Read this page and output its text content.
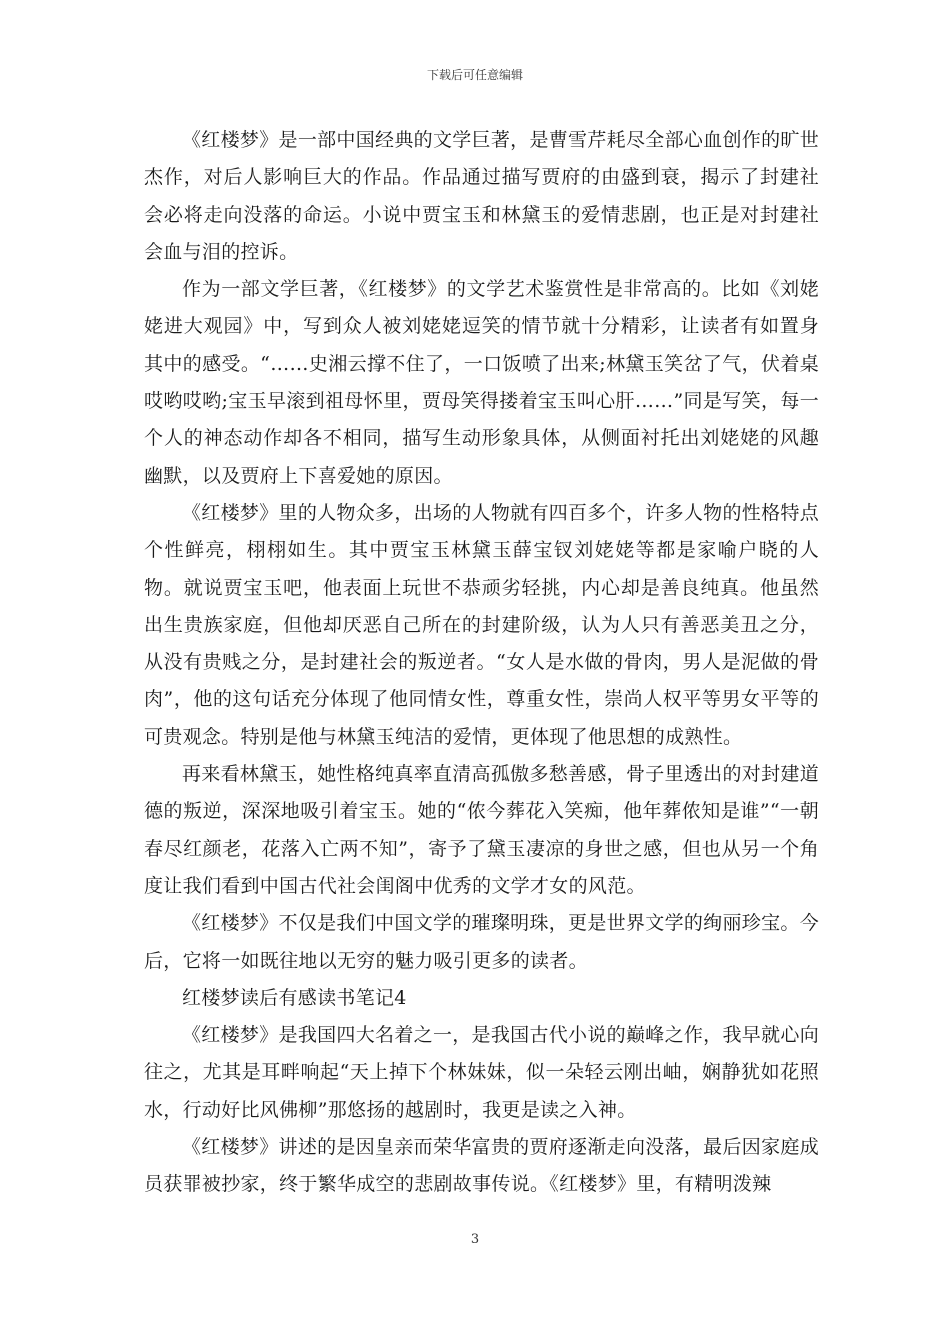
下载后可任意编辑

《红楼梦》是一部中国经典的文学巨著，是曹雪芹耗尽全部心血创作的旷世杰作，对后人影响巨大的作品。作品通过描写贾府的由盛到衰，揭示了封建社会必将走向没落的命运。小说中贾宝玉和林黛玉的爱情悲剧，也正是对封建社会血与泪的控诉。

作为一部文学巨著，《红楼梦》的文学艺术鉴赏性是非常高的。比如《刘姥姥进大观园》中，写到众人被刘姥姥逗笑的情节就十分精彩，让读者有如置身其中的感受。“……史湘云撑不住了，一口饭喷了出来;林黛玉笑岔了气，伏着桌哎哟哎哟;宝玉早滚到祖母怀里，贾母笑得搂着宝玉叫心肝……”同是写笑，每一个人的神态动作却各不相同，描写生动形象具体，从侧面衬托出刘姥姥的风趣幽默，以及贾府上下喜爱她的原因。

《红楼梦》里的人物众多，出场的人物就有四百多个，许多人物的性格特点个性鲜亮，栩栩如生。其中贾宝玉林黛玉薛宝钗刘姥姥等都是家喻户晓的人物。就说贾宝玉吧，他表面上玩世不恭顽劣轻挑，内心却是善良纯真。他虽然出生贵族家庭，但他却厌恶自己所在的封建阶级，认为人只有善恶美丑之分，从没有贵贱之分，是封建社会的叛逆者。“女人是水做的骨肉，男人是泥做的骨肉”，他的这句话充分体现了他同情女性，尊重女性，崇尚人权平等男女平等的可贵观念。特别是他与林黛玉纯洁的爱情，更体现了他思想的成熟性。

再来看林黛玉，她性格纯真率直清高孤傲多愁善感，骨子里透出的对封建道德的叛逆，深深地吸引着宝玉。她的“侬今葬花入笑痴，他年葬侬知是谁”“一朝春尽红颜老，花落入亡两不知”，寄予了黛玉凄凉的身世之感，但也从另一个角度让我们看到中国古代社会闺阁中优秀的文学才女的风范。

《红楼梦》不仅是我们中国文学的璀璨明珠，更是世界文学的绚丽珍宝。今后，它将一如既往地以无穷的魅力吸引更多的读者。

红楼梦读后有感读书笔记4

《红楼梦》是我国四大名着之一，是我国古代小说的巅峰之作，我早就心向往之，尤其是耳畔响起“天上掉下个林妹妹，似一朵轻云刚出岫，娴静犹如花照水，行动好比风佛柳”那悠扬的越剧时，我更是读之入神。

《红楼梦》讲述的是因皇亲而荣华富贵的贾府逐渐走向没落，最后因家庭成员获罪被抄家，终于繁华成空的悲剧故事传说。《红楼梦》里，有精明泼辣

3
